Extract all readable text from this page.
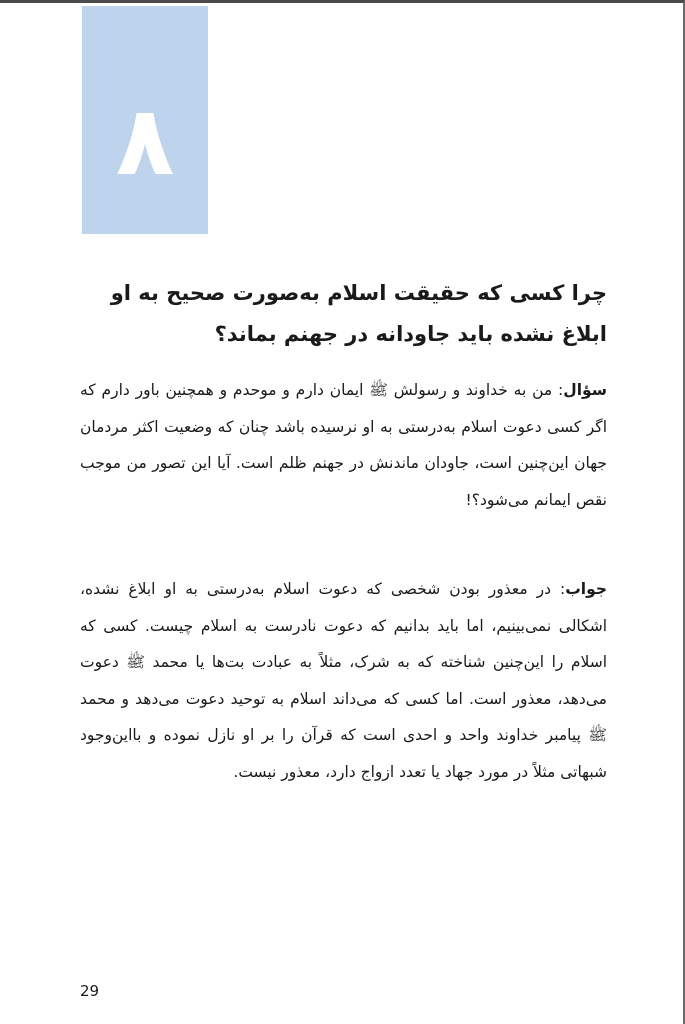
٨
چرا کسی که حقیقت اسلام به‌صورت صحیح به او ابلاغ نشده باید جاودانه در جهنم بماند؟

سؤال: من به خداوند و رسولش ﷺ ایمان دارم و موحدم و همچنین باور دارم که اگر کسی دعوت اسلام به‌درستی به او نرسیده باشد چنان که وضعیت اکثر مردمان جهان این‌چنین است، جاودان ماندنش در جهنم ظلم است. آیا این تصور من موجب نقص ایمانم می‌شود؟!

جواب: در معذور بودن شخصی که دعوت اسلام به‌درستی به او ابلاغ نشده، اشکالی نمی‌بینیم، اما باید بدانیم که دعوت نادرست به اسلام چیست. کسی که اسلام را این‌چنین شناخته که به شرک، مثلاً به عبادت بت‌ها یا محمد ﷺ دعوت می‌دهد، معذور است. اما کسی که می‌داند اسلام به توحید دعوت می‌دهد و محمد ﷺ پیامبر خداوند واحد و احدی است که قرآن را بر او نازل نموده و بااین‌وجود شبهاتی مثلاً در مورد جهاد یا تعدد ازواج دارد، معذور نیست.

29
